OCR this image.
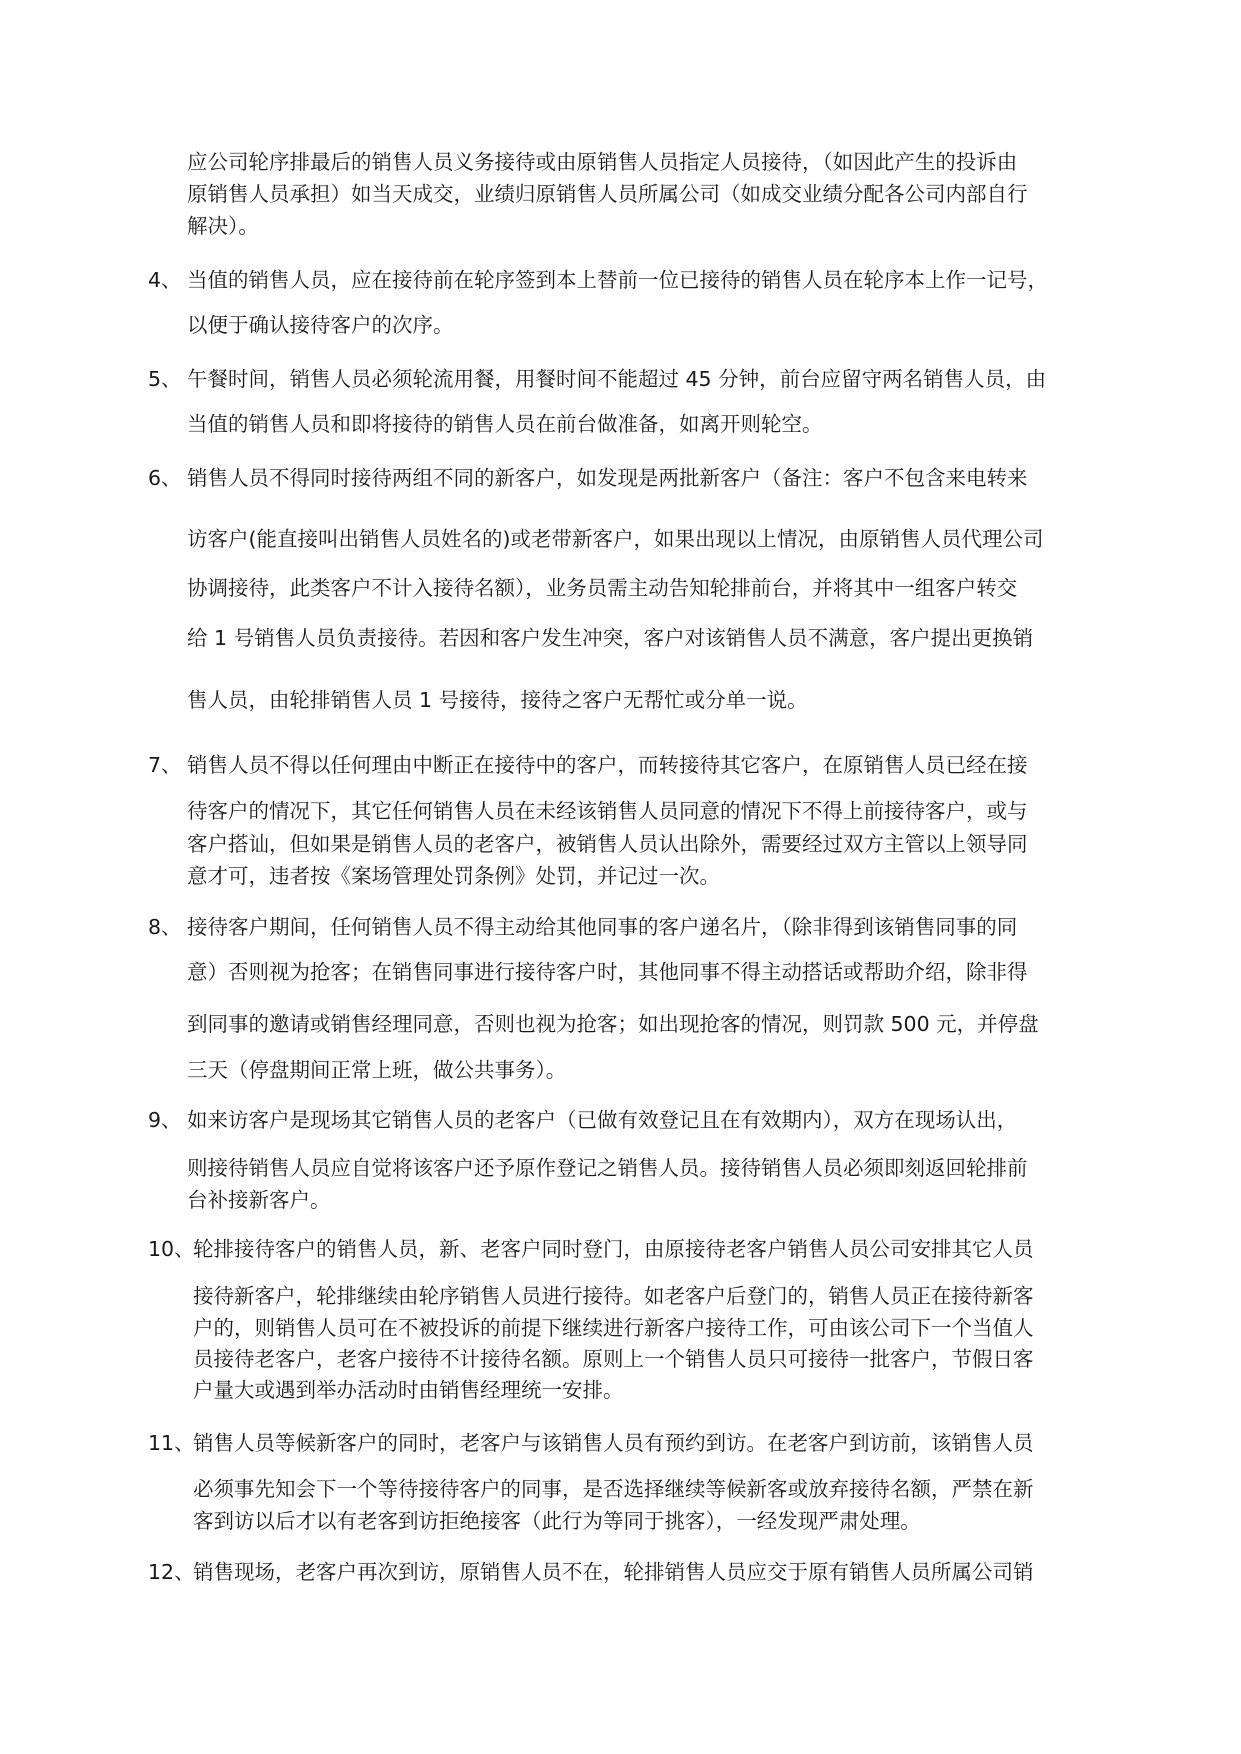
应公司轮序排最后的销售人员义务接待或由原销售人员指定人员接待，（如因此产生的投诉由
原销售人员承担）如当天成交，业绩归原销售人员所属公司（如成交业绩分配各公司内部自行
解决）。
4、 当值的销售人员，应在接待前在轮序签到本上替前一位已接待的销售人员在轮序本上作一记号，
以便于确认接待客户的次序。
5、 午餐时间，销售人员必须轮流用餐，用餐时间不能超过 45 分钟，前台应留守两名销售人员，由
当值的销售人员和即将接待的销售人员在前台做准备，如离开则轮空。
6、 销售人员不得同时接待两组不同的新客户，如发现是两批新客户（备注：客户不包含来电转来
访客户(能直接叫出销售人员姓名的)或老带新客户，如果出现以上情况，由原销售人员代理公司
协调接待，此类客户不计入接待名额），业务员需主动告知轮排前台，并将其中一组客户转交
给 1 号销售人员负责接待。若因和客户发生冲突，客户对该销售人员不满意，客户提出更换销
售人员，由轮排销售人员 1 号接待，接待之客户无帮忙或分单一说。
7、 销售人员不得以任何理由中断正在接待中的客户，而转接待其它客户，在原销售人员已经在接
待客户的情况下，其它任何销售人员在未经该销售人员同意的情况下不得上前接待客户，或与
客户搭讪，但如果是销售人员的老客户，被销售人员认出除外，需要经过双方主管以上领导同
意才可，违者按《案场管理处罚条例》处罚，并记过一次。
8、 接待客户期间，任何销售人员不得主动给其他同事的客户递名片，（除非得到该销售同事的同
意）否则视为抢客；在销售同事进行接待客户时，其他同事不得主动搭话或帮助介绍，除非得
到同事的邀请或销售经理同意，否则也视为抢客；如出现抢客的情况，则罚款 500 元，并停盘
三天（停盘期间正常上班，做公共事务）。
9、 如来访客户是现场其它销售人员的老客户（已做有效登记且在有效期内），双方在现场认出，
则接待销售人员应自觉将该客户还予原作登记之销售人员。接待销售人员必须即刻返回轮排前
台补接新客户。
10、
轮排接待客户的销售人员，新、老客户同时登门，由原接待老客户销售人员公司安排其它人员
接待新客户，轮排继续由轮序销售人员进行接待。如老客户后登门的，销售人员正在接待新客
户的，则销售人员可在不被投诉的前提下继续进行新客户接待工作，可由该公司下一个当值人
员接待老客户，老客户接待不计接待名额。原则上一个销售人员只可接待一批客户，节假日客
户量大或遇到举办活动时由销售经理统一安排。
11、
销售人员等候新客户的同时，老客户与该销售人员有预约到访。在老客户到访前，该销售人员
必须事先知会下一个等待接待客户的同事，是否选择继续等候新客或放弃接待名额，严禁在新
客到访以后才以有老客到访拒绝接客（此行为等同于挑客），一经发现严肃处理。
12、
销售现场，老客户再次到访，原销售人员不在，轮排销售人员应交于原有销售人员所属公司销
